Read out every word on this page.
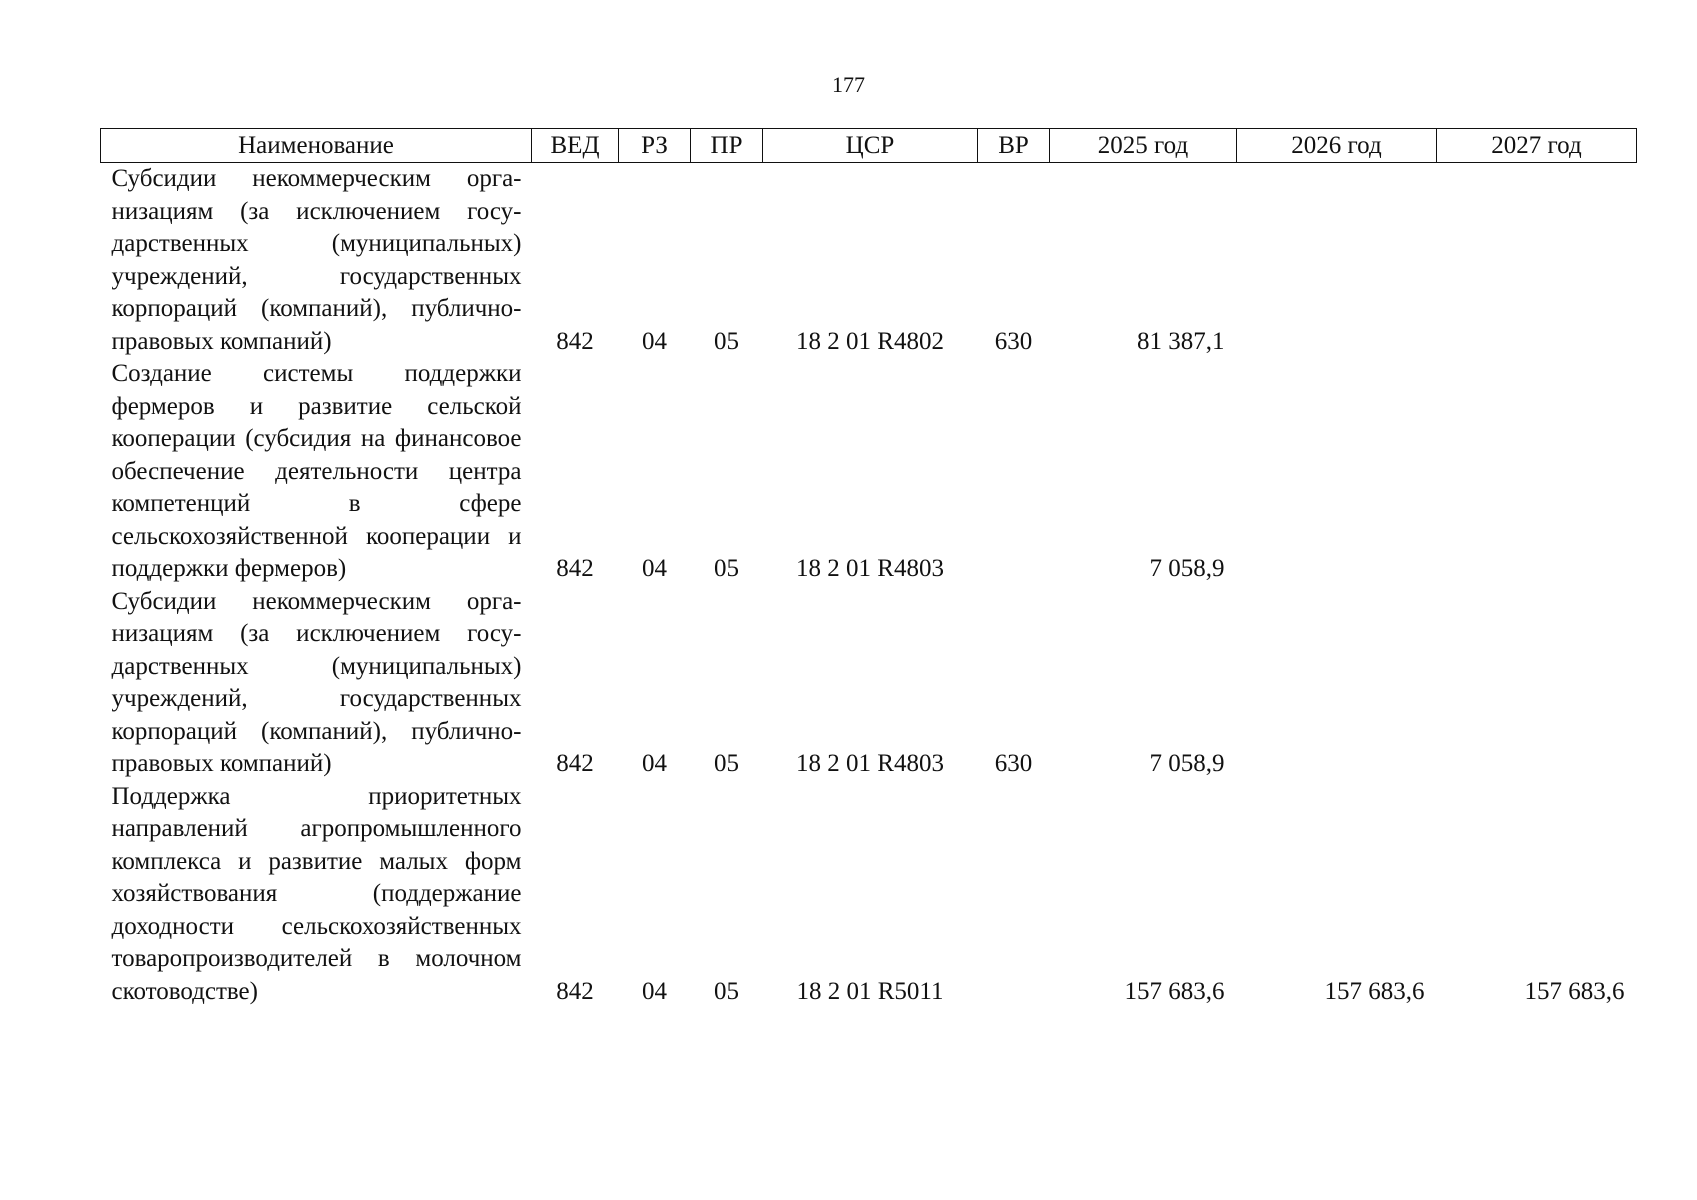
177
Наименование	ВЕД	РЗ	ПР	ЦСР	ВР	2025 год	2026 год	2027 год
Субсидии некоммерческим организациям (за исключением государственных (муниципальных) учреждений, государственных корпораций (компаний), публично-правовых компаний)	842	04	05	18 2 01 R4802	630	81 387,1		
Создание системы поддержки фермеров и развитие сельской кооперации (субсидия на финансовое обеспечение деятельности центра компетенций в сфере сельскохозяйственной кооперации и поддержки фермеров)	842	04	05	18 2 01 R4803		7 058,9		
Субсидии некоммерческим организациям (за исключением государственных (муниципальных) учреждений, государственных корпораций (компаний), публично-правовых компаний)	842	04	05	18 2 01 R4803	630	7 058,9		
Поддержка приоритетных направлений агропромышленного комплекса и развитие малых форм хозяйствования (поддержание доходности сельскохозяйственных товаропроизводителей в молочном скотоводстве)	842	04	05	18 2 01 R5011		157 683,6	157 683,6	157 683,6
